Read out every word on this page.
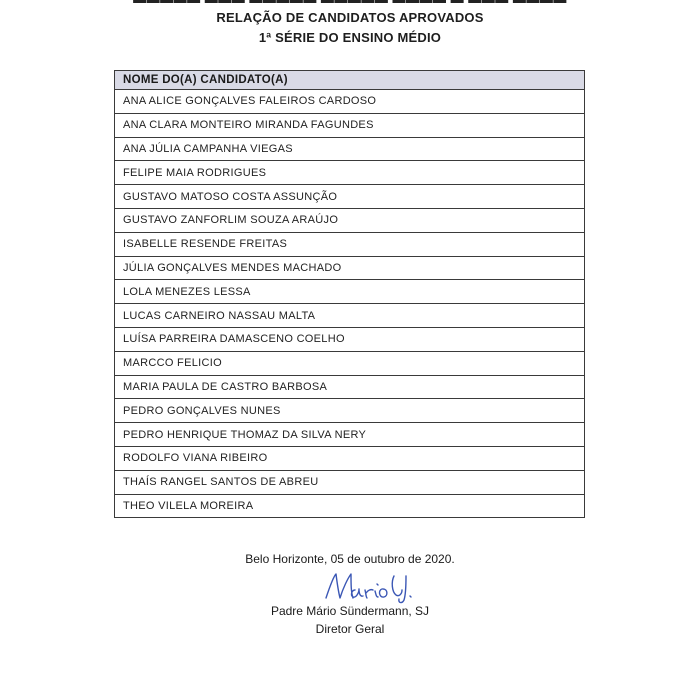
RELAÇÃO DE CANDIDATOS APROVADOS
1ª SÉRIE DO ENSINO MÉDIO
NOME DO(A) CANDIDATO(A)
ANA ALICE GONÇALVES FALEIROS CARDOSO
ANA CLARA MONTEIRO MIRANDA FAGUNDES
ANA JÚLIA CAMPANHA VIEGAS
FELIPE MAIA RODRIGUES
GUSTAVO MATOSO COSTA ASSUNÇÃO
GUSTAVO ZANFORLIM SOUZA ARAÚJO
ISABELLE RESENDE FREITAS
JÚLIA GONÇALVES MENDES MACHADO
LOLA MENEZES LESSA
LUCAS CARNEIRO NASSAU MALTA
LUÍSA PARREIRA DAMASCENO COELHO
MARCCO FELICIO
MARIA PAULA DE CASTRO BARBOSA
PEDRO GONÇALVES NUNES
PEDRO HENRIQUE THOMAZ DA SILVA NERY
RODOLFO VIANA RIBEIRO
THAÍS RANGEL SANTOS DE ABREU
THEO VILELA MOREIRA
Belo Horizonte, 05 de outubro de 2020.
Padre Mário Sündermann, SJ
Diretor Geral
